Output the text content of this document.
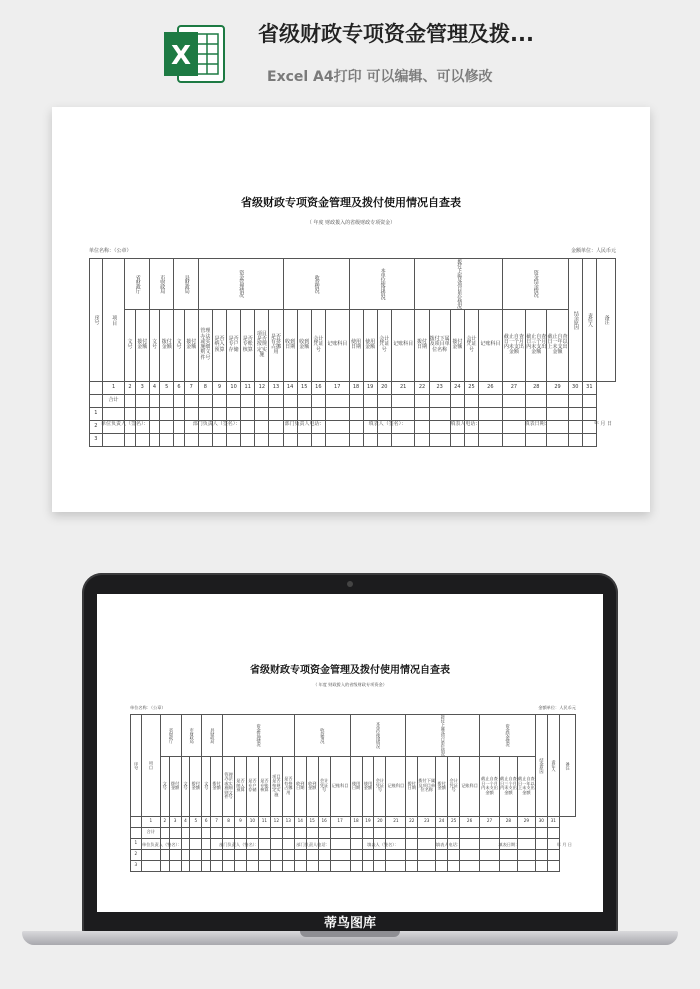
X
省级财政专项资金管理及拨...
Excel A4打印 可以编辑、可以修改
省级财政专项资金管理及拨付使用情况自查表
（ 年度 财政拨入的省级财政专项资金）
单位名称：（公章）	金额单位：人民币元
序号	项 目	省财政厅		市财政局		县财政局		资金管理情况						收款情况				本单位使用情况				拨付下属及项目单位情况					资金结余情况			结余原因	责任人	备注
		文号	拨付金额	文号	拨付金额	文号	拨付金额	管理办法或实施细则文件号	是否纳入预算	是否专户存储	是否专账核算	项目是否按规定实施	是否有挤占挪用	收到日期	收到金额	会计凭证号	记账科目	使用日期	使用金额	会计凭证号	记账科目	拨付日期	拨付下属及项目单位名称	拨付金额	会计凭证号	记账科目	截止自查日一个月内未支出金额	截止自查日三个月内未支出金额	截止自查日一年以上未支出金额			
	1	2	3	4	5	6	7	8	9	10	11	12	13	14	15	16	17	18	19	20	21	22	23	24	25	26	27	28	29	30	31	
	合计																															
1																																
2																																
3																																
单位负责人（签名）：	部门负责人（签名）：	部门负责人电话：	填表人（签名）：	填表人电话：	填表日期：	年 月 日
省级财政专项资金管理及拨付使用情况自查表
（ 年度 财政拨入的省级财政专项资金）
单位名称：（公章）	金额单位：人民币元
序号	项 目	省财政厅		市财政局		县财政局		资金管理情况						收款情况				本单位使用情况				拨付下属及项目单位情况					资金结余情况			结余原因	责任人	备注
		文号	拨付金额	文号	拨付金额	文号	拨付金额	管理办法或实施细则文件号	是否纳入预算	是否专户存储	是否专账核算	项目是否按规定实施	是否有挤占挪用	收到日期	收到金额	会计凭证号	记账科目	使用日期	使用金额	会计凭证号	记账科目	拨付日期	拨付下属及项目单位名称	拨付金额	会计凭证号	记账科目	截止自查日一个月内未支出金额	截止自查日三个月内未支出金额	截止自查日一年以上未支出金额			
	1	2	3	4	5	6	7	8	9	10	11	12	13	14	15	16	17	18	19	20	21	22	23	24	25	26	27	28	29	30	31	
	合计																															
1																																
2																																
3																																
单位负责人（签名）：	部门负责人（签名）：	部门负责人电话：	填表人（签名）：	填表人电话：	填表日期：	年 月 日
蒂鸟图库
